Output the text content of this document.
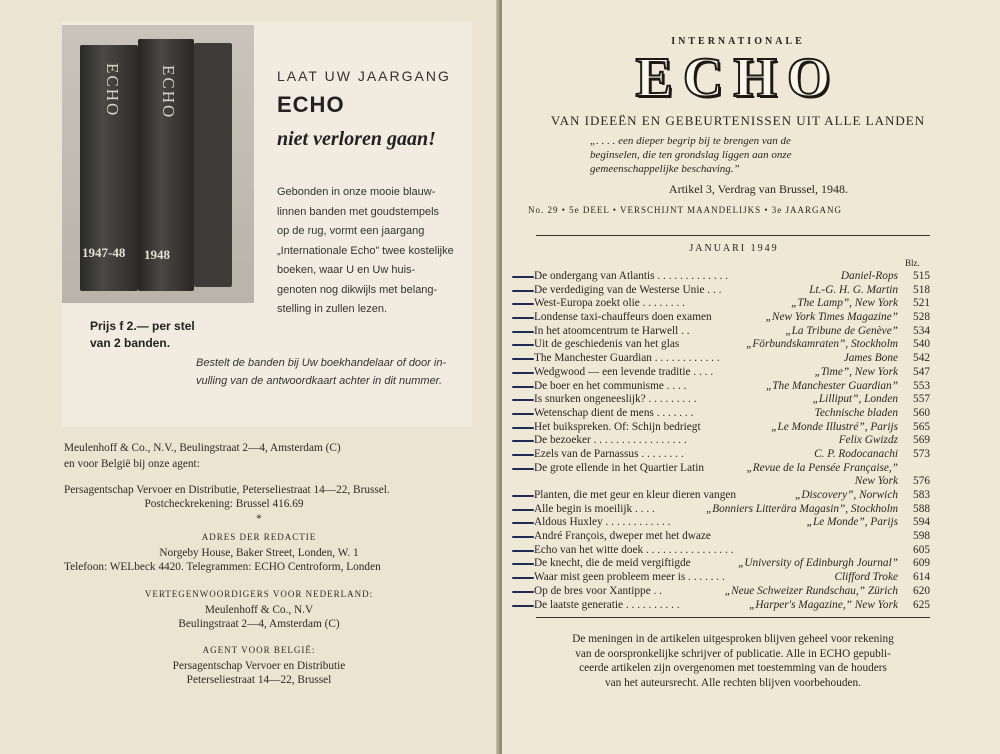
ECHO
1947-48
ECHO
1948
LAAT UW JAARGANG
ECHO
niet verloren gaan!
Gebonden in onze mooie blauw-
linnen banden met goudstempels
op de rug, vormt een jaargang
„Internationale Echo” twee kostelijke
boeken, waar U en Uw huis-
genoten nog dikwijls met belang-
stelling in zullen lezen.
Prijs f 2.— per stel
van 2 banden.
Bestelt de banden bij Uw boekhandelaar of door in-
vulling van de antwoordkaart achter in dit nummer.
Meulenhoff & Co., N.V., Beulingstraat 2—4, Amsterdam (C)
en voor België bij onze agent:
Persagentschap Vervoer en Distributie, Peterseliestraat 14—22, Brussel.
Postcheckrekening: Brussel 416.69
*
ADRES DER REDACTIE
Norgeby House, Baker Street, Londen, W. 1
Telefoon: WELbeck 4420. Telegrammen: ECHO Centroform, Londen
VERTEGENWOORDIGERS VOOR NEDERLAND:
Meulenhoff & Co., N.V
Beulingstraat 2—4, Amsterdam (C)
AGENT VOOR BELGIË:
Persagentschap Vervoer en Distributie
Peterseliestraat 14—22, Brussel
INTERNATIONALE
ECHO
VAN IDEEËN EN GEBEURTENISSEN UIT ALLE LANDEN
„. . . . een dieper begrip bij te brengen van de
beginselen, die ten grondslag liggen aan onze
gemeenschappelijke beschaving.”
Artikel 3, Verdrag van Brussel, 1948.
No. 29 • 5e DEEL • VERSCHIJNT MAANDELIJKS • 3e JAARGANG
JANUARI 1949
Blz.
De ondergang van Atlantis . . . . . . . . . . . . .	Daniel-Rops	515
De verdediging van de Westerse Unie . . .	Lt.-G. H. G. Martin	518
West-Europa zoekt olie . . . . . . . .	„The Lamp”, New York	521
Londense taxi-chauffeurs doen examen	„New York Times Magazine”	528
In het atoomcentrum te Harwell . .	„La Tribune de Genève”	534
Uit de geschiedenis van het glas	„Förbundskamraten”, Stockholm	540
The Manchester Guardian . . . . . . . . . . . .	James Bone	542
Wedgwood — een levende traditie . . . .	„Time”, New York	547
De boer en het communisme . . . .	„The Manchester Guardian”	553
Is snurken ongeneeslijk? . . . . . . . . .	„Lilliput”, Londen	557
Wetenschap dient de mens . . . . . . .	Technische bladen	560
Het buikspreken. Of: Schijn bedriegt	„Le Monde Illustré”, Parijs	565
De bezoeker . . . . . . . . . . . . . . . . .	Felix Gwizdz	569
Ezels van de Parnassus . . . . . . . .	C. P. Rodocanachi	573
De grote ellende in het Quartier Latin	„Revue de la Pensée Française,”
New York	576
Planten, die met geur en kleur dieren vangen	„Discovery”, Norwich	583
Alle begin is moeilijk . . . .	„Bonniers Litterära Magasin”, Stockholm	588
Aldous Huxley . . . . . . . . . . . .	„Le Monde”, Parijs	594
André François, dweper met het dwaze	598
Echo van het witte doek . . . . . . . . . . . . . . . .	605
De knecht, die de meid vergiftigde	„University of Edinburgh Journal”	609
Waar mist geen probleem meer is . . . . . . .	Clifford Troke	614
Op de bres voor Xantippe . .	„Neue Schweizer Rundschau,” Zürich	620
De laatste generatie . . . . . . . . . .	„Harper's Magazine,” New York	625
De meningen in de artikelen uitgesproken blijven geheel voor rekening
van de oorspronkelijke schrijver of publicatie. Alle in ECHO gepubli-
ceerde artikelen zijn overgenomen met toestemming van de houders
van het auteursrecht. Alle rechten blijven voorbehouden.
